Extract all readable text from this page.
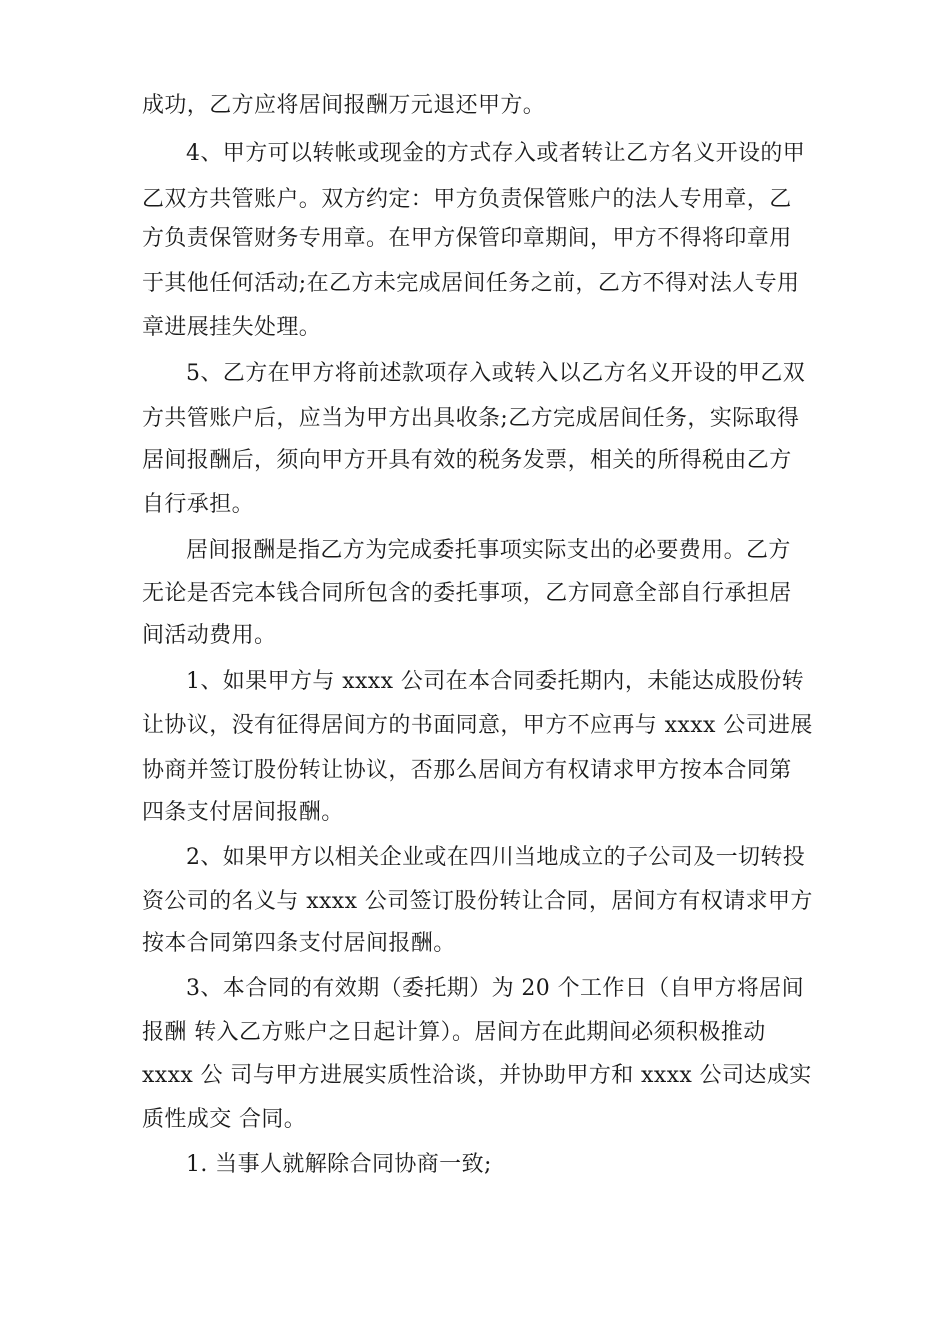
成功，乙方应将居间报酬万元退还甲方。
4、甲方可以转帐或现金的方式存入或者转让乙方名义开设的甲
乙双方共管账户。双方约定：甲方负责保管账户的法人专用章，乙
方负责保管财务专用章。在甲方保管印章期间，甲方不得将印章用
于其他任何活动;在乙方未完成居间任务之前，乙方不得对法人专用
章进展挂失处理。
5、乙方在甲方将前述款项存入或转入以乙方名义开设的甲乙双
方共管账户后，应当为甲方出具收条;乙方完成居间任务，实际取得
居间报酬后，须向甲方开具有效的税务发票，相关的所得税由乙方
自行承担。
居间报酬是指乙方为完成委托事项实际支出的必要费用。乙方
无论是否完本钱合同所包含的委托事项，乙方同意全部自行承担居
间活动费用。
1、如果甲方与 xxxx 公司在本合同委托期内，未能达成股份转
让协议，没有征得居间方的书面同意，甲方不应再与 xxxx 公司进展
协商并签订股份转让协议，否那么居间方有权请求甲方按本合同第
四条支付居间报酬。
2、如果甲方以相关企业或在四川当地成立的子公司及一切转投
资公司的名义与 xxxx 公司签订股份转让合同，居间方有权请求甲方
按本合同第四条支付居间报酬。
3、本合同的有效期（委托期）为 20 个工作日（自甲方将居间
报酬 转入乙方账户之日起计算）。居间方在此期间必须积极推动
xxxx 公 司与甲方进展实质性洽谈，并协助甲方和 xxxx 公司达成实
质性成交 合同。
1. 当事人就解除合同协商一致;
